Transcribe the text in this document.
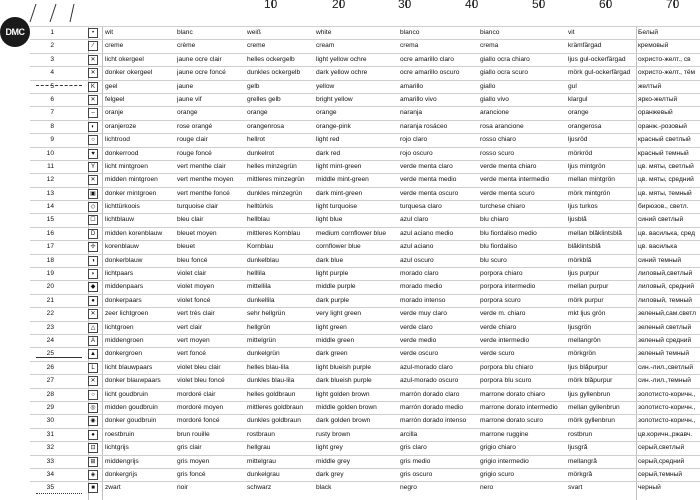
10	20	30	40	50	60	70
DMC	1	•	wit	blanc	weiß	white	blanco	bianco	vit	Белый
2	⁄	creme	crème	creme	cream	crema	crema	krämfärgad	кремовый
3	✕	licht okergeel	jaune ocre clair	helles ockergelb	light yellow ochre	ocre amarillo claro	giallo ocra chiaro	ljus gul-ockerfärgad	охристо-желт., св
4	✕	donker okergeel	jaune ocre foncé	dunkles ockergelb	dark yellow ochre	ocre amarillo oscuro	giallo ocra scuro	mörk gul-ockerfärgad	охристо-желт., тём
5	K	geel	jaune	gelb	yellow	amarillo	giallo	gul	желтый
6	✕	felgeel	jaune vif	grelles gelb	bright yellow	amarillo vivo	giallo vivo	klargul	ярко-желтый
7	–	oranje	orange	orange	orange	naranja	arancione	orange	оранжевый
8	◐	oranjeroze	rose orangé	orangenrosa	orange-pink	naranja rosáceo	rosa arancione	orangerosa	оранж.-розовый
9	○	lichtrood	rouge clair	hellrot	light red	rojo claro	rosso chiaro	ljusröd	красный светлый
10	♥	donkerrood	rouge foncé	dunkelrot	dark red	rojo oscuro	rosso scuro	mörkröd	красный темный
11	Y	licht mintgroen	vert menthe clair	helles minzegrün	light mint-green	verde menta claro	verde menta chiaro	ljus mintgrön	цв. мяты, светлый
12	✕	midden mintgroen	vert menthe moyen	mittleres minzegrün	middle mint-green	verde menta medio	verde menta intermedio	mellan mintgrön	цв. мяты, средний
13	▣	donker mintgroen	vert menthe foncé	dunkles minzegrün	dark mint-green	verde menta oscuro	verde menta scuro	mörk mintgrön	цв. мяты, темный
14	◇	lichttürkoois	turquoise clair	helltürkis	light turquoise	turquesa claro	turchese chiaro	ljus turkos	бирюзов., светл.
15	☐	lichtblauw	bleu clair	hellblau	light blue	azul claro	blu chiaro	ljusblå	синий светлый
16	D	midden korenblauw	bleuet moyen	mittleres Kornblau	medium cornflower blue	azul aciano medio	blu fiordaliso medio	mellan blåklintsblå	цв. василька, сред
17	✢	korenblauw	bleuet	Kornblau	cornflower blue	azul aciano	blu fiordaliso	blåklintsblå	цв. василька
18	◑	donkerblauw	bleu foncé	dunkelblau	dark blue	azul oscuro	blu scuro	mörkblå	синий темный
19	◗	lichtpaars	violet clair	helllila	light purple	morado claro	porpora chiaro	ljus purpur	лиловый,светлый
20	◆	middenpaars	violet moyen	mittellila	middle purple	morado medio	porpora intermedio	mellan purpur	лиловый, средний
21	●	donkerpaars	violet foncé	dunkellila	dark purple	morado intenso	porpora scuro	mörk purpur	лиловый, темный
22	✕	zeer lichtgroen	vert très clair	sehr hellgrün	very light green	verde muy claro	verde m. chiaro	mkt ljus grön	зеленый,сам.светл
23	△	lichtgroen	vert clair	hellgrün	light green	verde claro	verde chiaro	ljusgrön	зеленый светлый
24	A	middengroen	vert moyen	mittelgrün	middle green	verde medio	verde intermedio	mellangrön	зеленый средний
25	▲	donkergroen	vert foncé	dunkelgrün	dark green	verde oscuro	verde scuro	mörkgrön	зеленый темный
26	L	licht blauwpaars	violet bleu clair	helles blau-lila	light blueish purple	azul-morado claro	porpora blu chiaro	ljus blåpurpur	син.-лил.,светлый
27	✕	donker blauwpaars	violet bleu foncé	dunkles blau-lila	dark blueish purple	azul-morado oscuro	porpora blu scuro	mörk blåpurpur	син.-лил.,темный
28	○	licht goudbruin	mordoré clair	helles goldbraun	light golden brown	marrón dorado claro	marrone dorato chiaro	ljus gyllenbrun	золотисто-коричн.,
29	◎	midden goudbruin	mordoré moyen	mittleres goldbraun	middle golden brown	marrón dorado medio	marrone dorato intermedio	mellan gyllenbrun	золотисто-коричн.,
30	◉	donker goudbruin	mordoré foncé	dunkles goldbraun	dark golden brown	marrón dorado intenso	marrone dorato scuro	mörk gyllenbrun	золотисто-коричн.,
31	●	roestbruin	brun rouille	rostbraun	rusty brown	arcilla	marrone ruggine	rostbrun	цв.коричн.,ржавч.
32	⊡	lichtgrijs	gris clair	hellgrau	light grey	gris claro	grigio chiaro	ljusgrå	серый,светлый
33	⊞	middengrijs	gris moyen	mittelgrau	middle grey	gris medio	grigio intermedio	mellangrå	серый,средний
34	◈	donkergrijs	gris foncé	dunkelgrau	dark grey	gris oscuro	grigio scuro	mörkgrå	серый,темный
35	■	zwart	noir	schwarz	black	negro	nero	svart	черный
